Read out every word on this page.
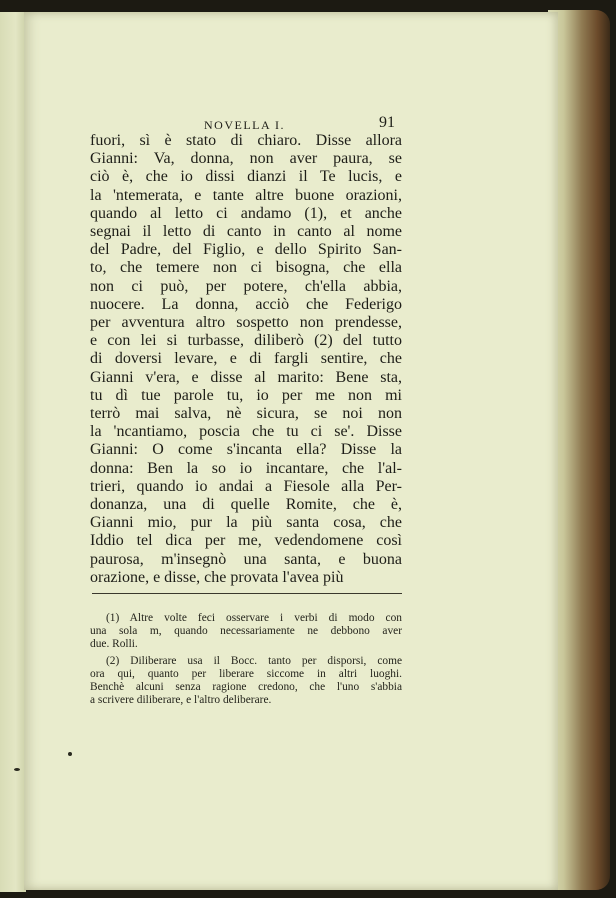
NOVELLA I.	91
fuori, sì è stato di chiaro. Disse allora
Gianni: Va, donna, non aver paura, se
ciò è, che io dissi dianzi il Te lucis, e
la 'ntemerata, e tante altre buone orazioni,
quando al letto ci andamo (1), et anche
segnai il letto di canto in canto al nome
del Padre, del Figlio, e dello Spirito San-
to, che temere non ci bisogna, che ella
non ci può, per potere, ch'ella abbia,
nuocere. La donna, acciò che Federigo
per avventura altro sospetto non prendesse,
e con lei si turbasse, diliberò (2) del tutto
di doversi levare, e di fargli sentire, che
Gianni v'era, e disse al marito: Bene sta,
tu dì tue parole tu, io per me non mi
terrò mai salva, nè sicura, se noi non
la 'ncantiamo, poscia che tu ci se'. Disse
Gianni: O come s'incanta ella? Disse la
donna: Ben la so io incantare, che l'al-
trieri, quando io andai a Fiesole alla Per-
donanza, una di quelle Romite, che è,
Gianni mio, pur la più santa cosa, che
Iddio tel dica per me, vedendomene così
paurosa, m'insegnò una santa, e buona
orazione, e disse, che provata l'avea più
(1) Altre volte feci osservare i verbi di modo con
una sola m, quando necessariamente ne debbono aver
due. Rolli.
(2) Diliberare usa il Bocc. tanto per disporsi, come
ora qui, quanto per liberare siccome in altri luoghi.
Benchè alcuni senza ragione credono, che l'uno s'abbia
a scrivere diliberare, e l'altro deliberare.
